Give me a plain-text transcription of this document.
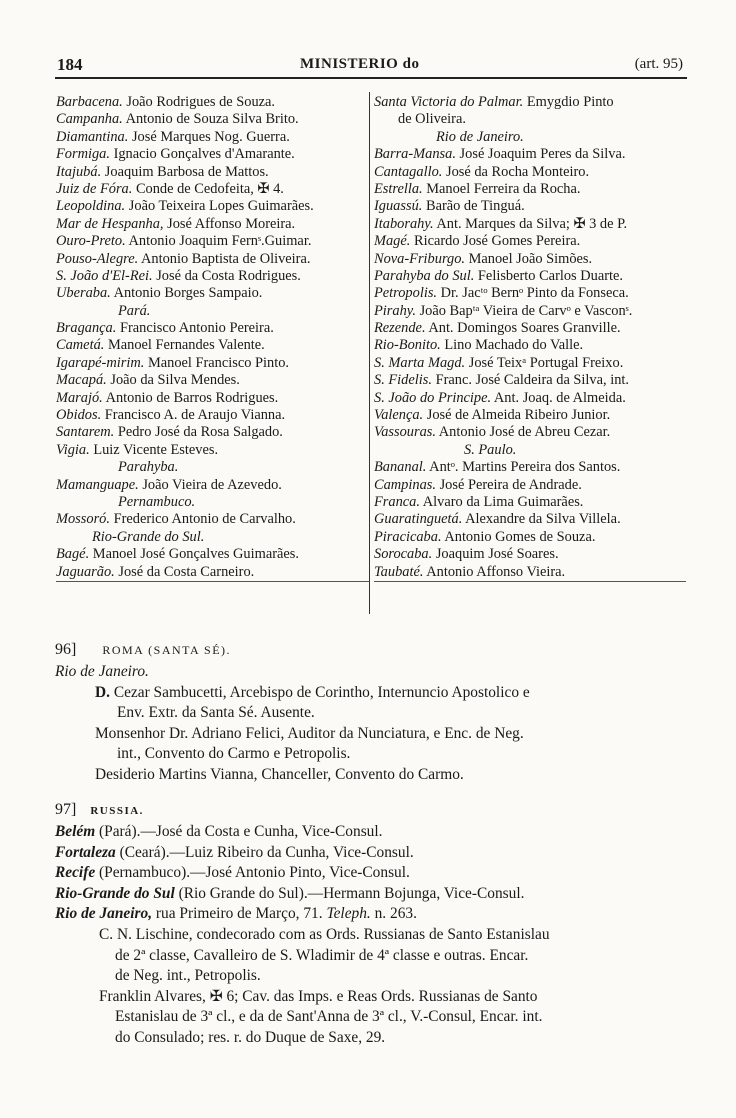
184	MINISTERIO do	(art. 95)
Barbacena. João Rodrigues de Souza.
Campanha. Antonio de Souza Silva Brito.
Diamantina. José Marques Nog. Guerra.
Formiga. Ignacio Gonçalves d'Amarante.
Itajubá. Joaquim Barbosa de Mattos.
Juiz de Fóra. Conde de Cedofeita, ✠ 4.
Leopoldina. João Teixeira Lopes Guimarães.
Mar de Hespanha, José Affonso Moreira.
Ouro-Preto. Antonio Joaquim Fernˢ.Guimar.
Pouso-Alegre. Antonio Baptista de Oliveira.
S. João d'El-Rei. José da Costa Rodrigues.
Uberaba. Antonio Borges Sampaio.
Pará.
Bragança. Francisco Antonio Pereira.
Cametá. Manoel Fernandes Valente.
Igarapé-mirim. Manoel Francisco Pinto.
Macapá. João da Silva Mendes.
Marajó. Antonio de Barros Rodrigues.
Obidos. Francisco A. de Araujo Vianna.
Santarem. Pedro José da Rosa Salgado.
Vigia. Luiz Vicente Esteves.
Parahyba.
Mamanguape. João Vieira de Azevedo.
Pernambuco.
Mossoró. Frederico Antonio de Carvalho.
Rio-Grande do Sul.
Bagé. Manoel José Gonçalves Guimarães.
Jaguarão. José da Costa Carneiro.
Santa Victoria do Palmar. Emygdio Pinto
de Oliveira.
Rio de Janeiro.
Barra-Mansa. José Joaquim Peres da Silva.
Cantagallo. José da Rocha Monteiro.
Estrella. Manoel Ferreira da Rocha.
Iguassú. Barão de Tinguá.
Itaborahy. Ant. Marques da Silva; ✠ 3 de P.
Magé. Ricardo José Gomes Pereira.
Nova-Friburgo. Manoel João Simões.
Parahyba do Sul. Felisberto Carlos Duarte.
Petropolis. Dr. Jacᵗᵒ Bernᵒ Pinto da Fonseca.
Pirahy. João Bapᵗᵃ Vieira de Carvᵒ e Vasconˢ.
Rezende. Ant. Domingos Soares Granville.
Rio-Bonito. Lino Machado do Valle.
S. Marta Magd. José Teixᵃ Portugal Freixo.
S. Fidelis. Franc. José Caldeira da Silva, int.
S. João do Principe. Ant. Joaq. de Almeida.
Valença. José de Almeida Ribeiro Junior.
Vassouras. Antonio José de Abreu Cezar.
S. Paulo.
Bananal. Antᵒ. Martins Pereira dos Santos.
Campinas. José Pereira de Andrade.
Franca. Alvaro da Lima Guimarães.
Guaratinguetá. Alexandre da Silva Villela.
Piracicaba. Antonio Gomes de Souza.
Sorocaba. Joaquim José Soares.
Taubaté. Antonio Affonso Vieira.
96] ROMA (SANTA SÉ).
Rio de Janeiro.
D. Cezar Sambucetti, Arcebispo de Corintho, Internuncio Apostolico e
Env. Extr. da Santa Sé. Ausente.
Monsenhor Dr. Adriano Felici, Auditor da Nunciatura, e Enc. de Neg.
int., Convento do Carmo e Petropolis.
Desiderio Martins Vianna, Chanceller, Convento do Carmo.
97] RUSSIA.
Belém (Pará).—José da Costa e Cunha, Vice-Consul.
Fortaleza (Ceará).—Luiz Ribeiro da Cunha, Vice-Consul.
Recife (Pernambuco).—José Antonio Pinto, Vice-Consul.
Rio-Grande do Sul (Rio Grande do Sul).—Hermann Bojunga, Vice-Consul.
Rio de Janeiro, rua Primeiro de Março, 71. Teleph. n. 263.
C. N. Lischine, condecorado com as Ords. Russianas de Santo Estanislau
de 2ª classe, Cavalleiro de S. Wladimir de 4ª classe e outras. Encar.
de Neg. int., Petropolis.
Franklin Alvares, ✠ 6; Cav. das Imps. e Reas Ords. Russianas de Santo
Estanislau de 3ª cl., e da de Sant'Anna de 3ª cl., V.-Consul, Encar. int.
do Consulado; res. r. do Duque de Saxe, 29.
